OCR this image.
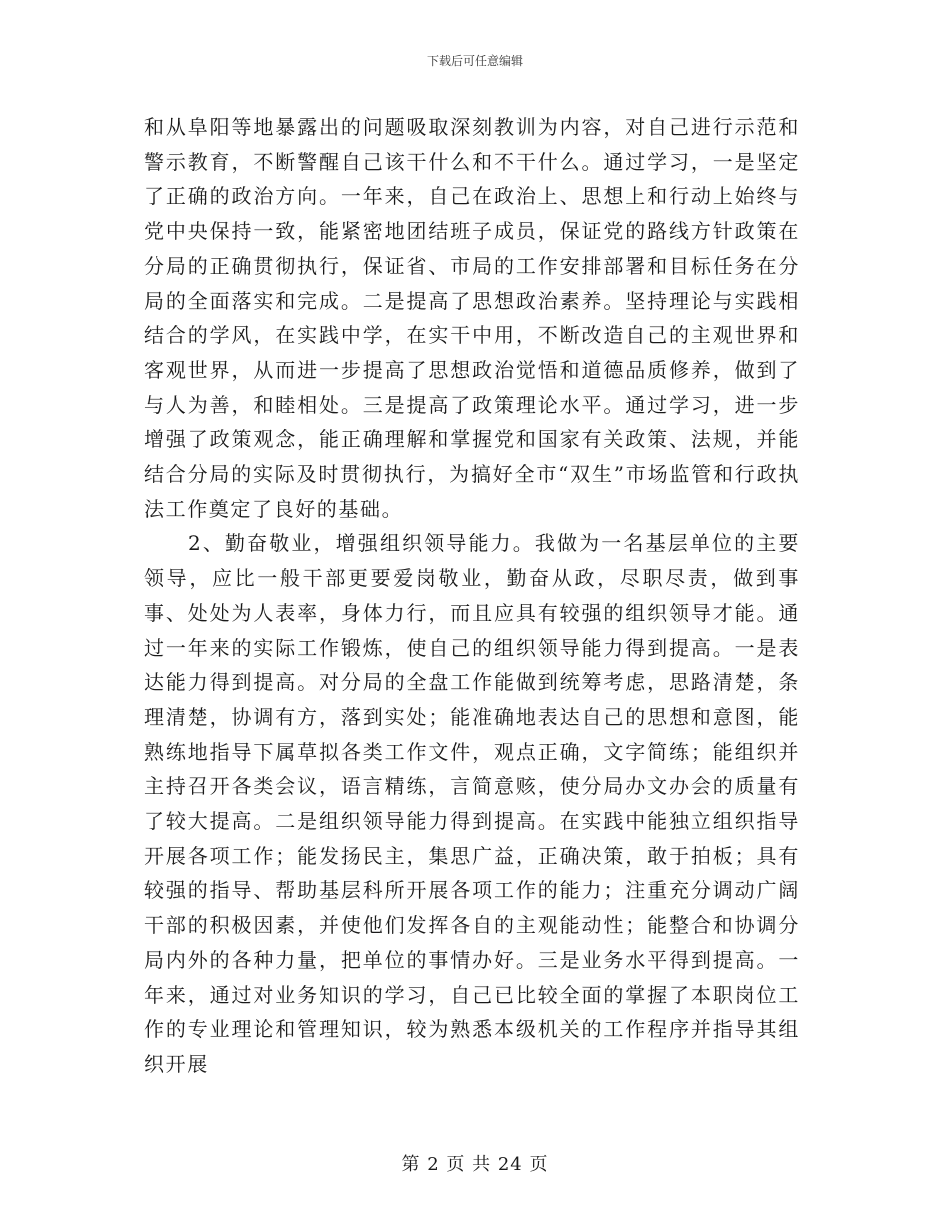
下载后可任意编辑

和从阜阳等地暴露出的问题吸取深刻教训为内容，对自己进行示范和警示教育，不断警醒自己该干什么和不干什么。通过学习，一是坚定了正确的政治方向。一年来，自己在政治上、思想上和行动上始终与党中央保持一致，能紧密地团结班子成员，保证党的路线方针政策在分局的正确贯彻执行，保证省、市局的工作安排部署和目标任务在分局的全面落实和完成。二是提高了思想政治素养。坚持理论与实践相结合的学风，在实践中学，在实干中用，不断改造自己的主观世界和客观世界，从而进一步提高了思想政治觉悟和道德品质修养，做到了与人为善，和睦相处。三是提高了政策理论水平。通过学习，进一步增强了政策观念，能正确理解和掌握党和国家有关政策、法规，并能结合分局的实际及时贯彻执行，为搞好全市“双生”市场监管和行政执法工作奠定了良好的基础。

2、勤奋敬业，增强组织领导能力。我做为一名基层单位的主要领导，应比一般干部更要爱岗敬业，勤奋从政，尽职尽责，做到事事、处处为人表率，身体力行，而且应具有较强的组织领导才能。通过一年来的实际工作锻炼，使自己的组织领导能力得到提高。一是表达能力得到提高。对分局的全盘工作能做到统筹考虑，思路清楚，条理清楚，协调有方，落到实处；能准确地表达自己的思想和意图，能熟练地指导下属草拟各类工作文件，观点正确，文字简练；能组织并主持召开各类会议，语言精练，言简意赅，使分局办文办会的质量有了较大提高。二是组织领导能力得到提高。在实践中能独立组织指导开展各项工作；能发扬民主，集思广益，正确决策，敢于拍板；具有较强的指导、帮助基层科所开展各项工作的能力；注重充分调动广阔干部的积极因素，并使他们发挥各自的主观能动性；能整合和协调分局内外的各种力量，把单位的事情办好。三是业务水平得到提高。一年来，通过对业务知识的学习，自己已比较全面的掌握了本职岗位工作的专业理论和管理知识，较为熟悉本级机关的工作程序并指导其组织开展

第 2 页 共 24 页
